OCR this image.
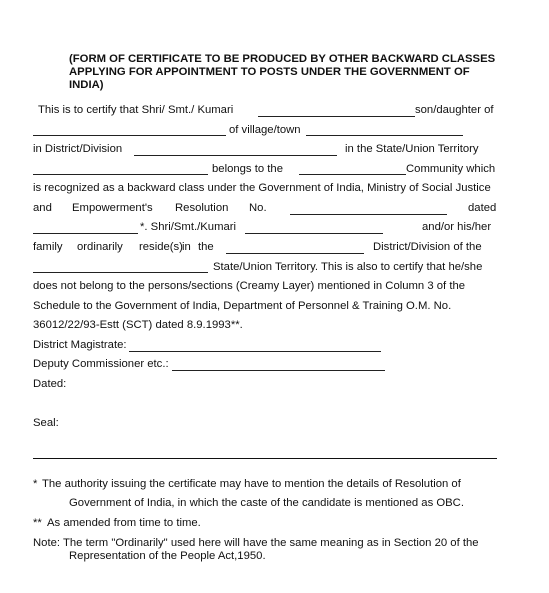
(FORM OF CERTIFICATE TO BE PRODUCED BY OTHER BACKWARD CLASSES
APPLYING FOR APPOINTMENT TO POSTS UNDER THE GOVERNMENT OF
INDIA)
This is to certify that Shri/ Smt./ Kumari	son/daughter of
of village/town
in District/Division	in the State/Union Territory
belongs to the	Community which
is recognized as a backward class under the Government of India, Ministry of Social Justice
and Empowerment's Resolution No.	dated
*. Shri/Smt./Kumari	and/or his/her
family ordinarily reside(s) in the	District/Division of the
State/Union Territory. This is also to certify that he/she
does not belong to the persons/sections (Creamy Layer) mentioned in Column 3 of the
Schedule to the Government of India, Department of Personnel & Training O.M. No.
36012/22/93-Estt (SCT) dated 8.9.1993**.
District Magistrate:
Deputy Commissioner etc.:
Dated:
Seal:
* The authority issuing the certificate may have to mention the details of Resolution of
Government of India, in which the caste of the candidate is mentioned as OBC.
** As amended from time to time.
Note: The term "Ordinarily" used here will have the same meaning as in Section 20 of the
Representation of the People Act,1950.
